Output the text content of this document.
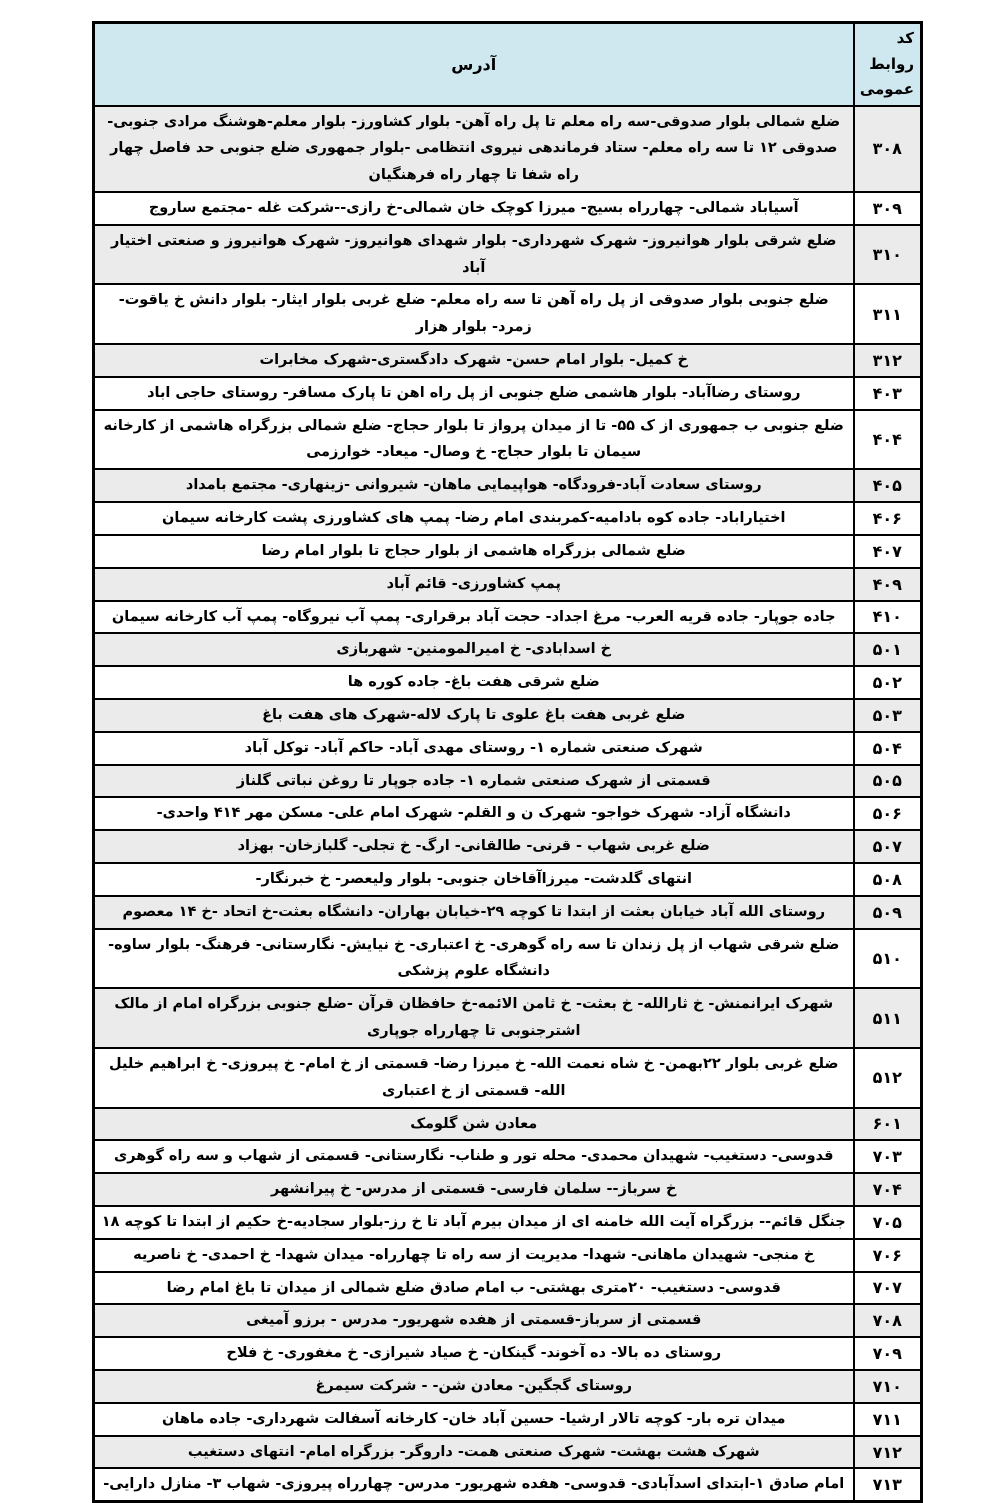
کد روابط عمومی	آدرس
۳۰۸	ضلع شمالی بلوار صدوقی-سه راه معلم تا پل راه آهن- بلوار کشاورز- بلوار معلم-هوشنگ مرادی جنوبی- صدوقی ۱۲ تا سه راه معلم- ستاد فرماندهی نیروی انتظامی -بلوار جمهوری ضلع جنوبی حد فاصل چهار راه شفا تا چهار راه فرهنگیان
۳۰۹	آسیاباد شمالی- چهارراه بسیج- میرزا کوچک خان شمالی-خ رازی--شرکت غله -مجتمع ساروج
۳۱۰	ضلع شرقی بلوار هوانیروز- شهرک شهرداری- بلوار شهدای هوانیروز- شهرک هوانیروز و صنعتی اختیار آباد
۳۱۱	ضلع جنوبی بلوار صدوقی از پل راه آهن تا سه راه معلم- ضلع غربی بلوار ایثار- بلوار دانش خ یاقوت- زمرد- بلوار هزار
۳۱۲	خ کمیل- بلوار امام حسن- شهرک دادگستری-شهرک مخابرات
۴۰۳	روستای رضاآباد- بلوار هاشمی ضلع جنوبی از پل راه اهن تا پارک مسافر- روستای حاجی اباد
۴۰۴	ضلع جنوبی ب جمهوری از ک ۵۵- تا از میدان پرواز تا بلوار حجاج- ضلع شمالی بزرگراه هاشمی از کارخانه سیمان تا بلوار حجاج- خ وصال- میعاد- خوارزمی
۴۰۵	روستای سعادت آباد-فرودگاه- هواپیمایی ماهان- شیروانی -زینهاری- مجتمع بامداد
۴۰۶	اختیاراباد- جاده کوه بادامیه-کمربندی امام رضا- پمپ های کشاورزی پشت کارخانه سیمان
۴۰۷	ضلع شمالی بزرگراه هاشمی از بلوار حجاج تا بلوار امام رضا
۴۰۹	پمپ کشاورزی- قائم آباد
۴۱۰	جاده جوپار- جاده قریه العرب- مرغ اجداد- حجت آباد برقراری- پمپ آب نیروگاه- پمپ آب کارخانه سیمان
۵۰۱	خ اسدابادی- خ امیرالمومنین- شهربازی
۵۰۲	ضلع شرقی هفت باغ- جاده کوره ها
۵۰۳	ضلع غربی هفت باغ علوی تا پارک لاله-شهرک های هفت باغ
۵۰۴	شهرک صنعتی شماره ۱- روستای مهدی آباد- حاکم آباد- توکل آباد
۵۰۵	قسمتی از شهرک صنعتی شماره ۱- جاده جوپار تا روغن نباتی گلناز
۵۰۶	دانشگاه آزاد- شهرک خواجو- شهرک ن و القلم- شهرک امام علی- مسکن مهر ۴۱۴ واحدی-
۵۰۷	ضلع غربی شهاب - قرنی- طالقانی- ارگ- خ تجلی- گلبازخان- بهزاد
۵۰۸	انتهای گلدشت- میرزاآقاخان جنوبی- بلوار ولیعصر- خ خبرنگار-
۵۰۹	روستای الله آباد خیابان بعثت از ابتدا تا کوچه ۲۹-خیابان بهاران- دانشگاه بعثت-خ اتحاد -خ ۱۴ معصوم
۵۱۰	ضلع شرقی شهاب از پل زندان تا سه راه گوهری- خ اعتباری- خ نیایش- نگارستانی- فرهنگ- بلوار ساوه- دانشگاه علوم پزشکی
۵۱۱	شهرک ایرانمنش- خ ثارالله- خ بعثت- خ ثامن الائمه-خ حافظان قرآن -ضلع جنوبی بزرگراه امام از مالک اشترجنوبی تا چهارراه جوپاری
۵۱۲	ضلع غربی بلوار ۲۲بهمن- خ شاه نعمت الله- خ میرزا رضا- قسمتی از خ امام- خ پیروزی- خ ابراهیم خلیل الله- قسمتی از خ اعتباری
۶۰۱	معادن شن گلومک
۷۰۳	قدوسی- دستغیب- شهیدان محمدی- محله تور و طناب- نگارستانی- قسمتی از شهاب و سه راه گوهری
۷۰۴	خ سرباز-- سلمان فارسی- قسمتی از مدرس- خ پیرانشهر
۷۰۵	جنگل قائم-- بزرگراه آیت الله خامنه ای از میدان بیرم آباد تا خ رز-بلوار سجادیه-خ حکیم از ابتدا تا کوچه ۱۸
۷۰۶	خ منجی- شهیدان ماهانی- شهدا- مدیریت از سه راه تا چهارراه- میدان شهدا- خ احمدی- خ ناصریه
۷۰۷	قدوسی- دستغیب- ۲۰متری بهشتی- ب امام صادق ضلع شمالی از میدان تا باغ امام رضا
۷۰۸	قسمتی از سرباز-قسمتی از هفده شهریور- مدرس - برزو آمیغی
۷۰۹	روستای ده بالا- ده آخوند- گینکان- خ صیاد شیرازی- خ مغفوری- خ فلاح
۷۱۰	روستای گجگین- معادن شن- - شرکت سیمرغ
۷۱۱	میدان تره بار- کوچه تالار ارشیا- حسین آباد خان- کارخانه آسفالت شهرداری- جاده ماهان
۷۱۲	شهرک هشت بهشت- شهرک صنعتی همت- داروگر- بزرگراه امام- انتهای دستغیب
۷۱۳	امام صادق ۱-ابتدای اسدآبادی- قدوسی- هفده شهریور- مدرس- چهارراه پیروزی- شهاب ۳- منازل دارایی-
